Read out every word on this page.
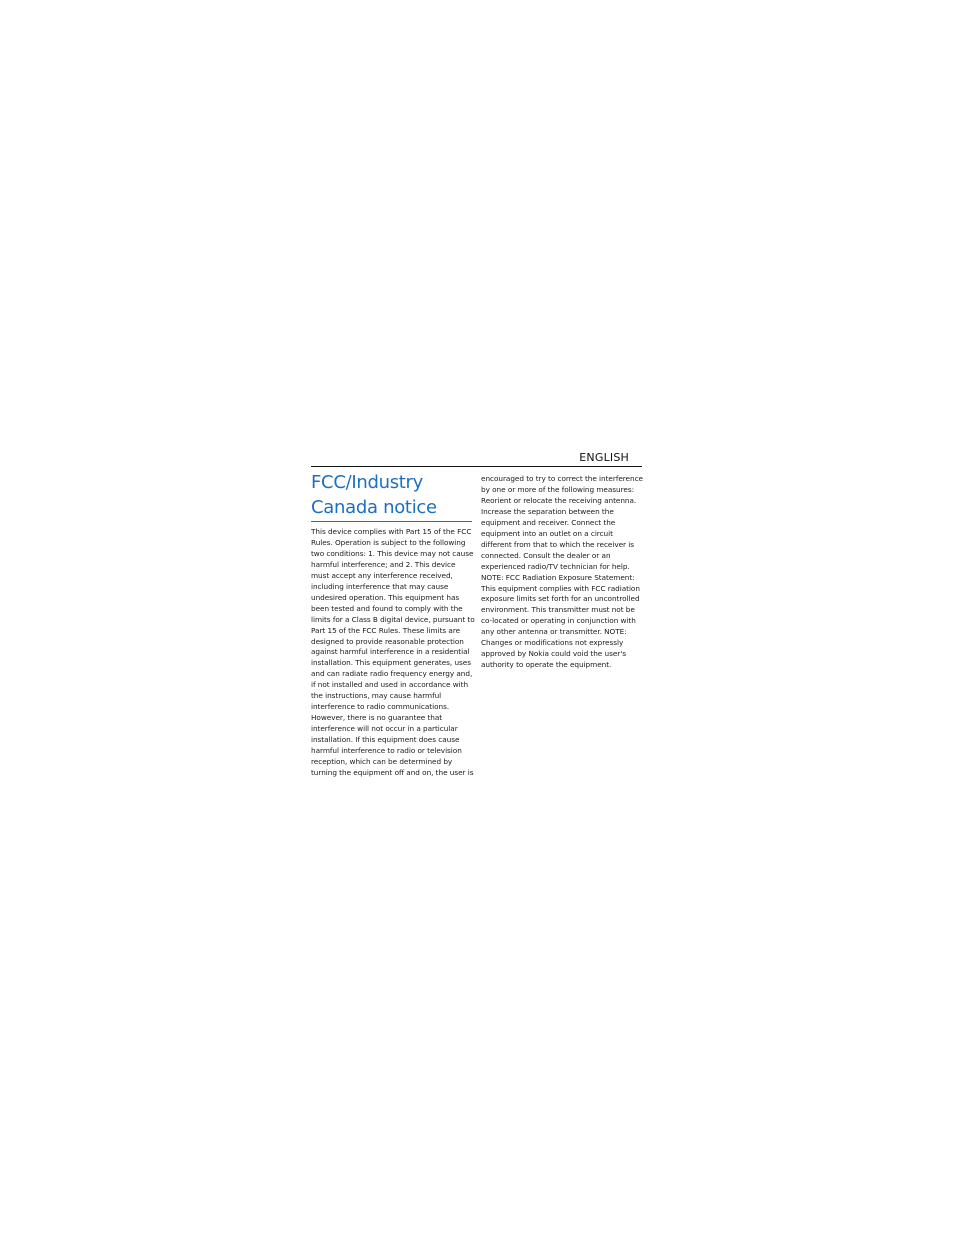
ENGLISH
FCC/Industry
Canada notice

This device complies with Part 15 of the FCC
Rules. Operation is subject to the following
two conditions: 1. This device may not cause
harmful interference; and 2. This device
must accept any interference received,
including interference that may cause
undesired operation. This equipment has
been tested and found to comply with the
limits for a Class B digital device, pursuant to
Part 15 of the FCC Rules. These limits are
designed to provide reasonable protection
against harmful interference in a residential
installation. This equipment generates, uses
and can radiate radio frequency energy and,
if not installed and used in accordance with
the instructions, may cause harmful
interference to radio communications.
However, there is no guarantee that
interference will not occur in a particular
installation. If this equipment does cause
harmful interference to radio or television
reception, which can be determined by
turning the equipment off and on, the user is

encouraged to try to correct the interference
by one or more of the following measures:
Reorient or relocate the receiving antenna.
Increase the separation between the
equipment and receiver. Connect the
equipment into an outlet on a circuit
different from that to which the receiver is
connected. Consult the dealer or an
experienced radio/TV technician for help.
NOTE: FCC Radiation Exposure Statement:
This equipment complies with FCC radiation
exposure limits set forth for an uncontrolled
environment. This transmitter must not be
co-located or operating in conjunction with
any other antenna or transmitter. NOTE:
Changes or modifications not expressly
approved by Nokia could void the user's
authority to operate the equipment.
